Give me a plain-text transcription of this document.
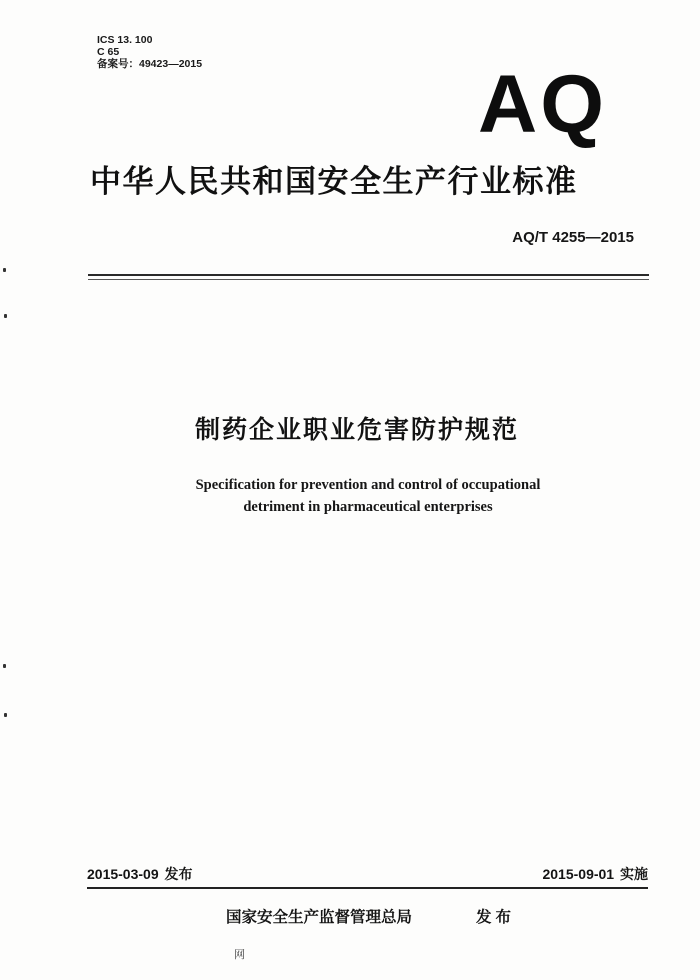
ICS 13. 100
C 65
备案号：49423—2015	AQ
中华人民共和国安全生产行业标准
AQ/T 4255—2015
制药企业职业危害防护规范
Specification for prevention and control of occupational
detriment in pharmaceutical enterprises
2015-03-09 发布	2015-09-01 实施
国家安全生产监督管理总局	发布
网
